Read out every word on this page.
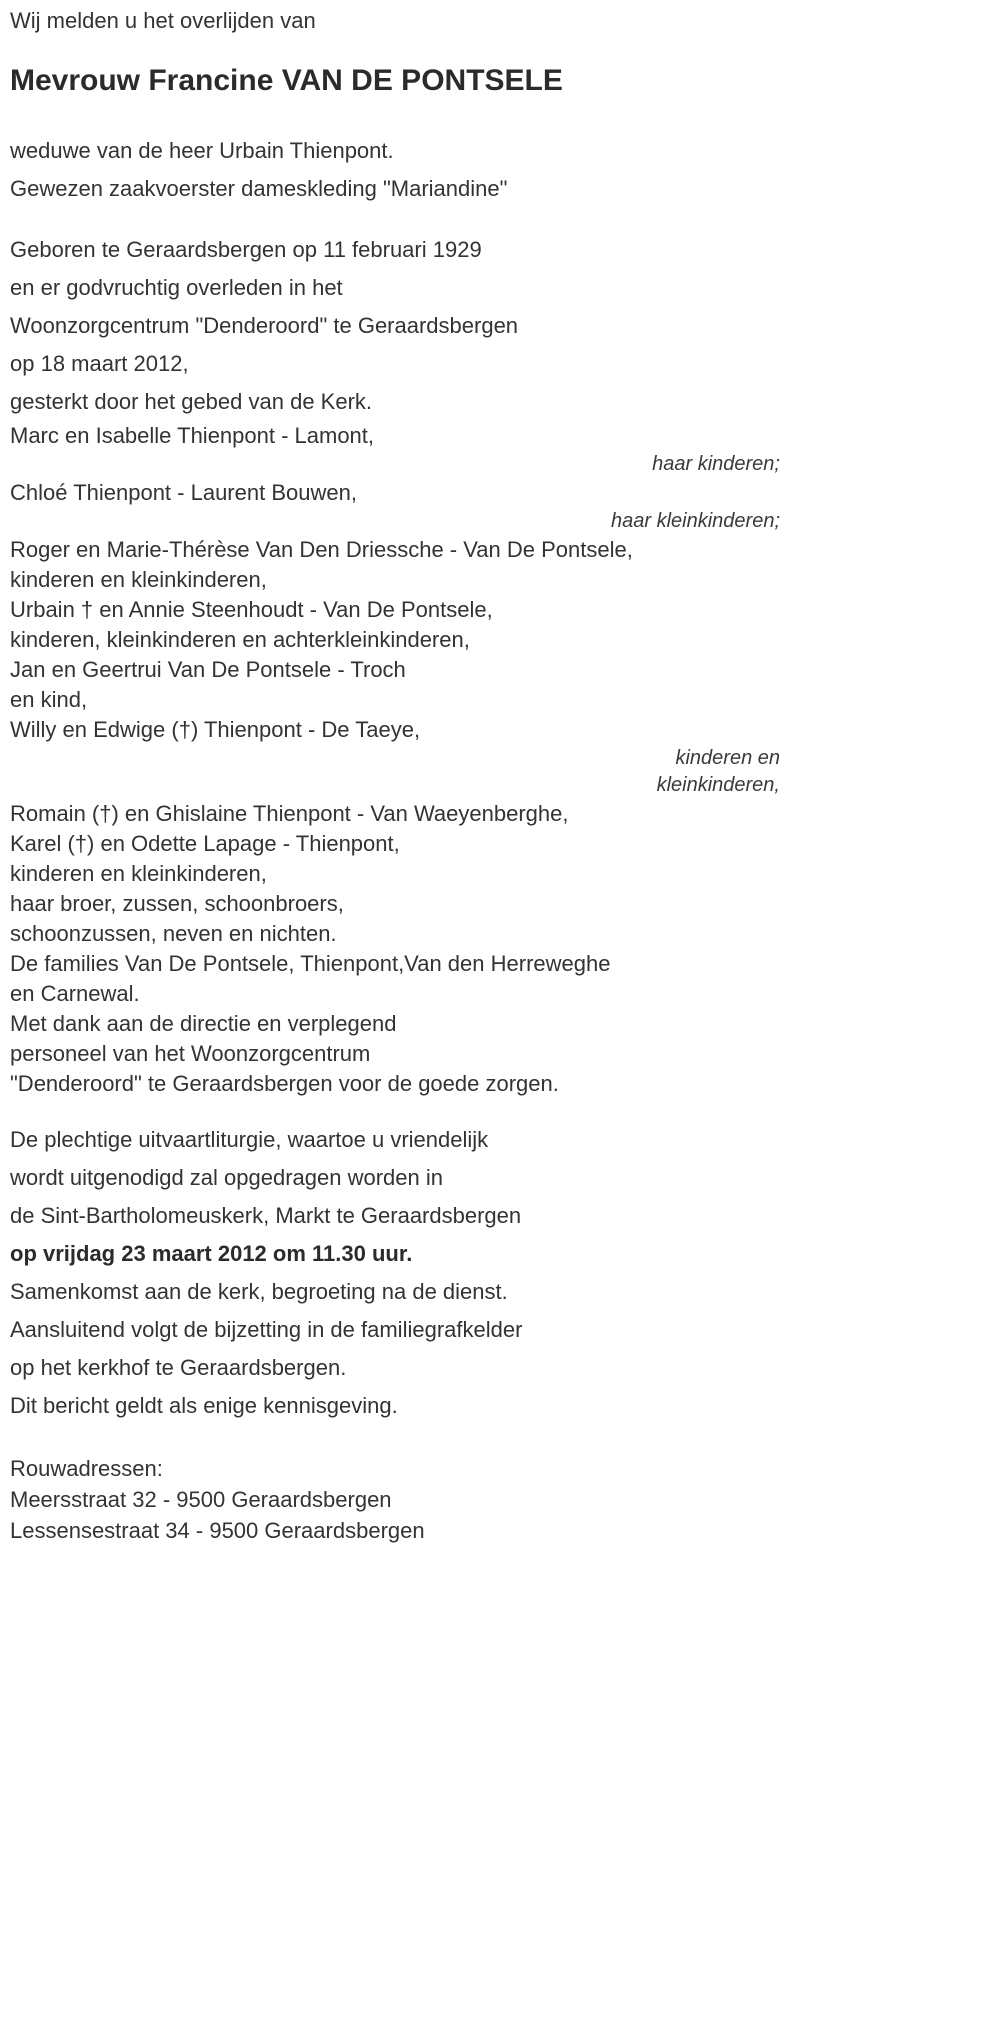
Wij melden u het overlijden van

Mevrouw Francine VAN DE PONTSELE

weduwe van de heer Urbain Thienpont.

Gewezen zaakvoerster dameskleding "Mariandine"

Geboren te Geraardsbergen op 11 februari 1929

en er godvruchtig overleden in het

Woonzorgcentrum "Denderoord" te Geraardsbergen

op 18 maart 2012,

gesterkt door het gebed van de Kerk.

Marc en Isabelle Thienpont - Lamont,

haar kinderen;

Chloé Thienpont - Laurent Bouwen,

haar kleinkinderen;

Roger en Marie-Thérèse Van Den Driessche - Van De Pontsele,

kinderen en kleinkinderen,

Urbain † en Annie Steenhoudt - Van De Pontsele,

kinderen, kleinkinderen en achterkleinkinderen,

Jan en Geertrui Van De Pontsele - Troch

en kind,

Willy en Edwige (†) Thienpont - De Taeye,

kinderen en

kleinkinderen,

Romain (†) en Ghislaine Thienpont - Van Waeyenberghe,

Karel (†) en Odette Lapage - Thienpont,

kinderen en kleinkinderen,

haar broer, zussen, schoonbroers,

schoonzussen, neven en nichten.

De families Van De Pontsele, Thienpont,Van den Herreweghe

en Carnewal.

Met dank aan de directie en verplegend

personeel van het Woonzorgcentrum

"Denderoord" te Geraardsbergen voor de goede zorgen.

De plechtige uitvaartliturgie, waartoe u vriendelijk

wordt uitgenodigd zal opgedragen worden in

de Sint-Bartholomeuskerk, Markt te Geraardsbergen

op vrijdag 23 maart 2012 om 11.30 uur.

Samenkomst aan de kerk, begroeting na de dienst.

Aansluitend volgt de bijzetting in de familiegrafkelder

op het kerkhof te Geraardsbergen.

Dit bericht geldt als enige kennisgeving.

Rouwadressen:

Meersstraat 32 - 9500 Geraardsbergen

Lessensestraat 34 - 9500 Geraardsbergen
